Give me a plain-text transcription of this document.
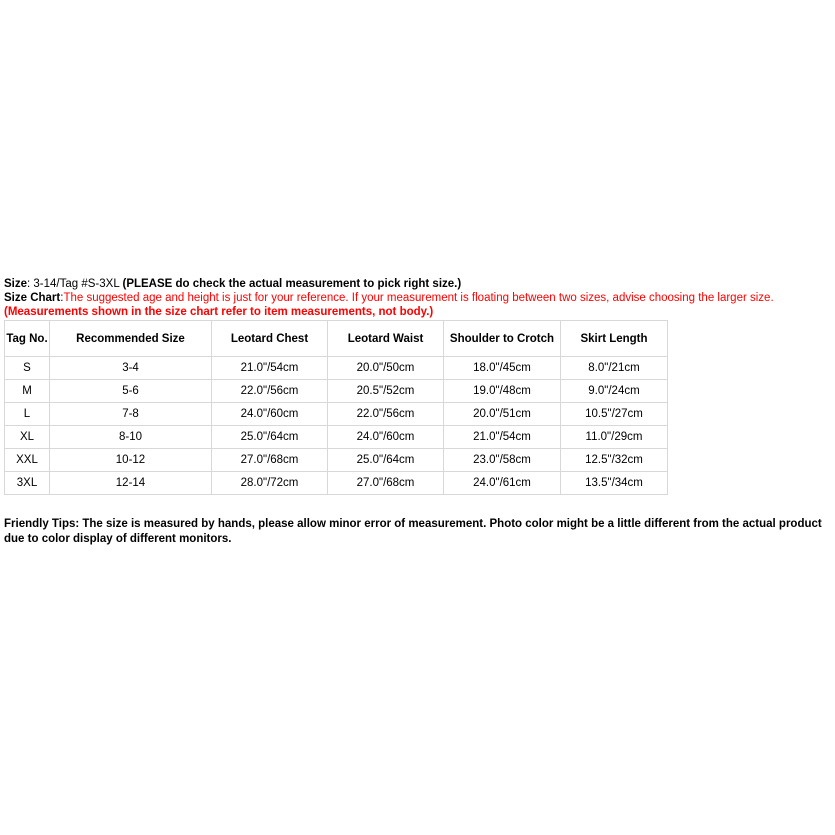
Size: 3-14/Tag #S-3XL (PLEASE do check the actual measurement to pick right size.)
Size Chart:The suggested age and height is just for your reference. If your measurement is floating between two sizes, advise choosing the larger size.
(Measurements shown in the size chart refer to item measurements, not body.)
Tag No.	Recommended Size	Leotard Chest	Leotard Waist	Shoulder to Crotch	Skirt Length
S	3-4	21.0"/54cm	20.0"/50cm	18.0"/45cm	8.0"/21cm
M	5-6	22.0"/56cm	20.5"/52cm	19.0"/48cm	9.0"/24cm
L	7-8	24.0"/60cm	22.0"/56cm	20.0"/51cm	10.5"/27cm
XL	8-10	25.0"/64cm	24.0"/60cm	21.0"/54cm	11.0"/29cm
XXL	10-12	27.0"/68cm	25.0"/64cm	23.0"/58cm	12.5"/32cm
3XL	12-14	28.0"/72cm	27.0"/68cm	24.0"/61cm	13.5"/34cm
Friendly Tips: The size is measured by hands, please allow minor error of measurement. Photo color might be a little different from the actual product due to color display of different monitors.
